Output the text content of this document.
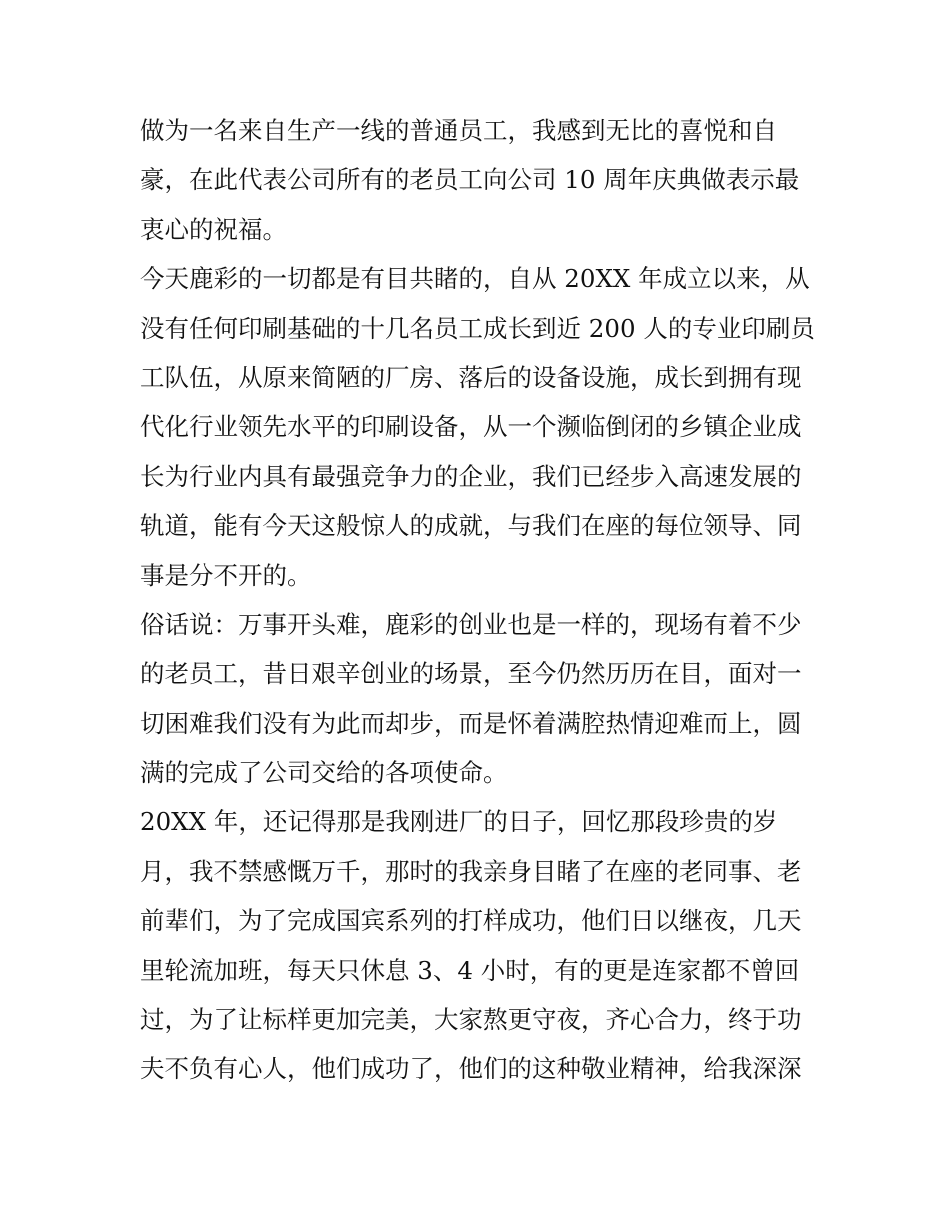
做为一名来自生产一线的普通员工，我感到无比的喜悦和自
豪，在此代表公司所有的老员工向公司 10 周年庆典做表示最
衷心的祝福。
今天鹿彩的一切都是有目共睹的，自从 20XX 年成立以来，从
没有任何印刷基础的十几名员工成长到近 200 人的专业印刷员
工队伍，从原来简陋的厂房、落后的设备设施，成长到拥有现
代化行业领先水平的印刷设备，从一个濒临倒闭的乡镇企业成
长为行业内具有最强竞争力的企业，我们已经步入高速发展的
轨道，能有今天这般惊人的成就，与我们在座的每位领导、同
事是分不开的。
俗话说：万事开头难，鹿彩的创业也是一样的，现场有着不少
的老员工，昔日艰辛创业的场景，至今仍然历历在目，面对一
切困难我们没有为此而却步，而是怀着满腔热情迎难而上，圆
满的完成了公司交给的各项使命。
20XX 年，还记得那是我刚进厂的日子，回忆那段珍贵的岁
月，我不禁感慨万千，那时的我亲身目睹了在座的老同事、老
前辈们，为了完成国宾系列的打样成功，他们日以继夜，几天
里轮流加班，每天只休息 3、4 小时，有的更是连家都不曾回
过，为了让标样更加完美，大家熬更守夜，齐心合力，终于功
夫不负有心人，他们成功了，他们的这种敬业精神，给我深深
